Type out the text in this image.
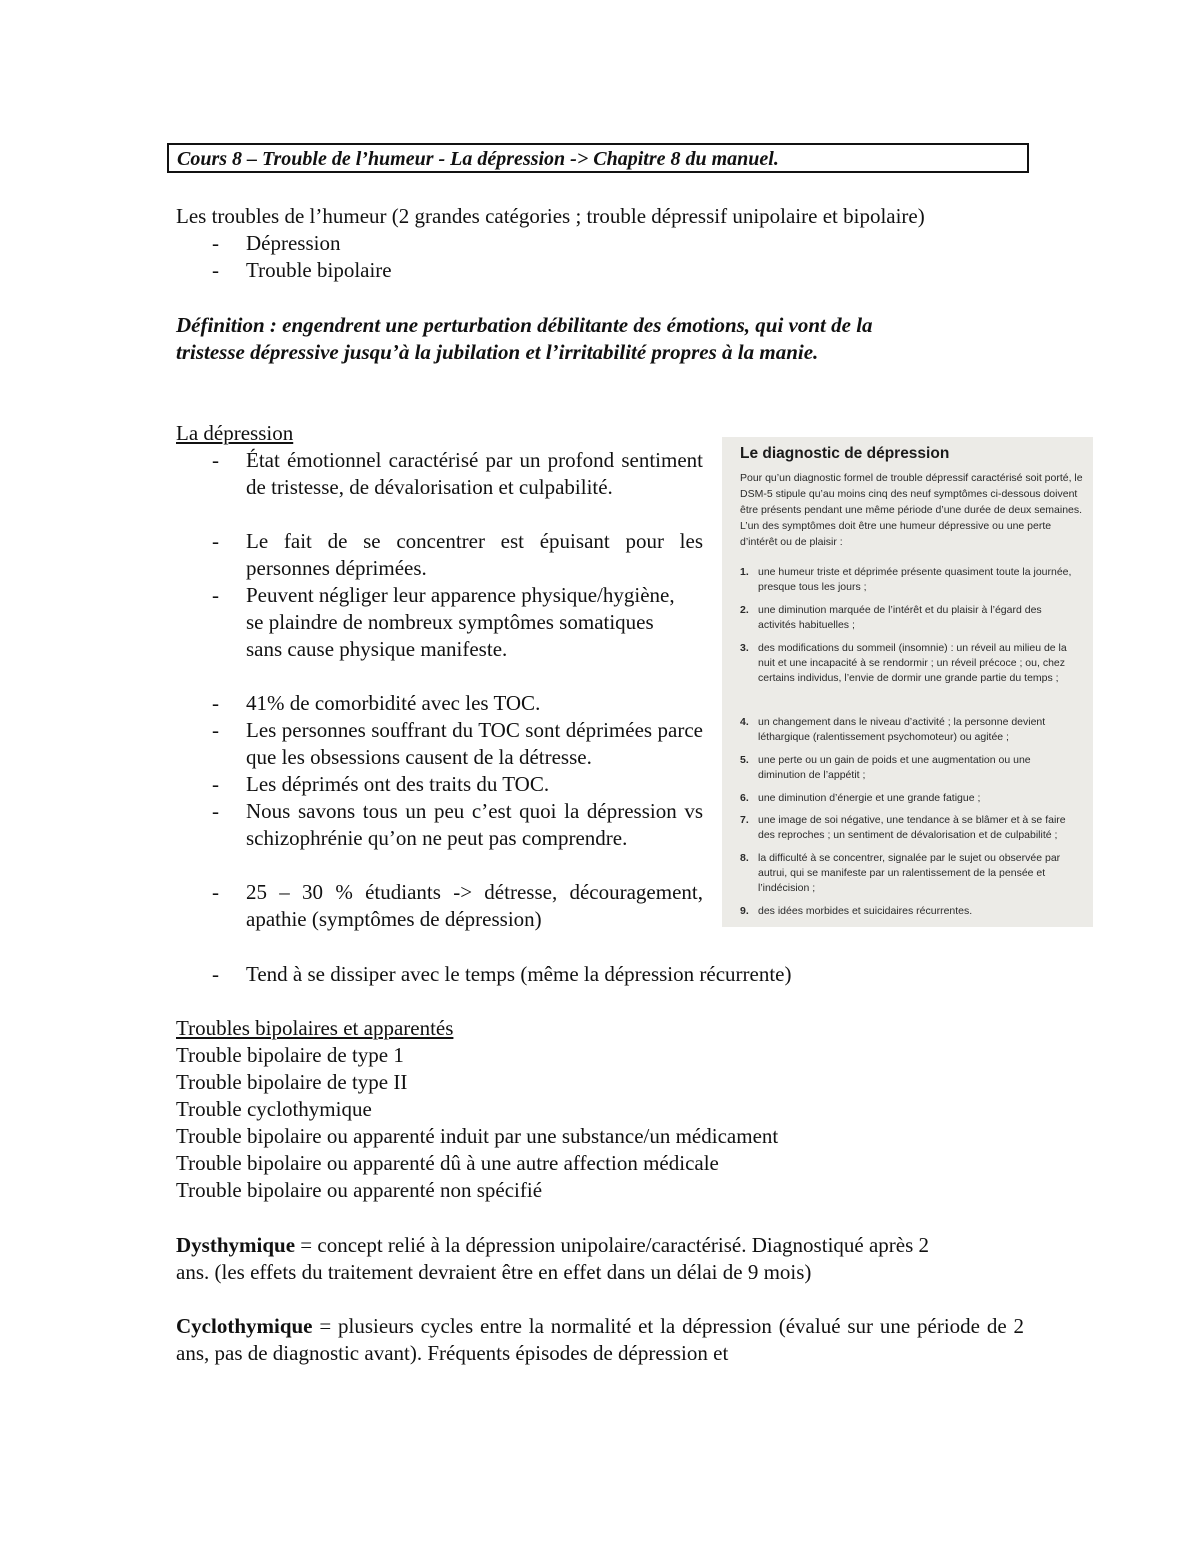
Cours 8 – Trouble de l’humeur - La dépression -> Chapitre 8 du manuel.
Les troubles de l’humeur (2 grandes catégories ; trouble dépressif unipolaire et bipolaire)
- Dépression
- Trouble bipolaire
Définition : engendrent une perturbation débilitante des émotions, qui vont de la
tristesse dépressive jusqu’à la jubilation et l’irritabilité propres à la manie.
La dépression
- État émotionnel caractérisé par un profond sentiment de tristesse, de dévalorisation et culpabilité.
- Le fait de se concentrer est épuisant pour les personnes déprimées.
- Peuvent négliger leur apparence physique/hygiène, se plaindre de nombreux symptômes somatiques sans cause physique manifeste.
- 41% de comorbidité avec les TOC.
- Les personnes souffrant du TOC sont déprimées parce que les obsessions causent de la détresse.
- Les déprimés ont des traits du TOC.
- Nous savons tous un peu c’est quoi la dépression vs schizophrénie qu’on ne peut pas comprendre.
- 25 – 30 % étudiants -> détresse, découragement, apathie (symptômes de dépression)
- Tend à se dissiper avec le temps (même la dépression récurrente)
Le diagnostic de dépression
Pour qu’un diagnostic formel de trouble dépressif caractérisé soit porté, le DSM-5 stipule qu’au moins cinq des neuf symptômes ci-dessous doivent être présents pendant une même période d’une durée de deux semaines. L’un des symptômes doit être une humeur dépressive ou une perte d’intérêt ou de plaisir :
1. une humeur triste et déprimée présente quasiment toute la journée, presque tous les jours ;
2. une diminution marquée de l’intérêt et du plaisir à l’égard des activités habituelles ;
3. des modifications du sommeil (insomnie) : un réveil au milieu de la nuit et une incapacité à se rendormir ; un réveil précoce ; ou, chez certains individus, l’envie de dormir une grande partie du temps ;
4. un changement dans le niveau d’activité ; la personne devient léthargique (ralentissement psychomoteur) ou agitée ;
5. une perte ou un gain de poids et une augmentation ou une diminution de l’appétit ;
6. une diminution d’énergie et une grande fatigue ;
7. une image de soi négative, une tendance à se blâmer et à se faire des reproches ; un sentiment de dévalorisation et de culpabilité ;
8. la difficulté à se concentrer, signalée par le sujet ou observée par autrui, qui se manifeste par un ralentissement de la pensée et l’indécision ;
9. des idées morbides et suicidaires récurrentes.
Troubles bipolaires et apparentés
Trouble bipolaire de type 1
Trouble bipolaire de type II
Trouble cyclothymique
Trouble bipolaire ou apparenté induit par une substance/un médicament
Trouble bipolaire ou apparenté dû à une autre affection médicale
Trouble bipolaire ou apparenté non spécifié
Dysthymique = concept relié à la dépression unipolaire/caractérisé. Diagnostiqué après 2
ans. (les effets du traitement devraient être en effet dans un délai de 9 mois)
Cyclothymique = plusieurs cycles entre la normalité et la dépression (évalué sur une période de 2 ans, pas de diagnostic avant). Fréquents épisodes de dépression et
